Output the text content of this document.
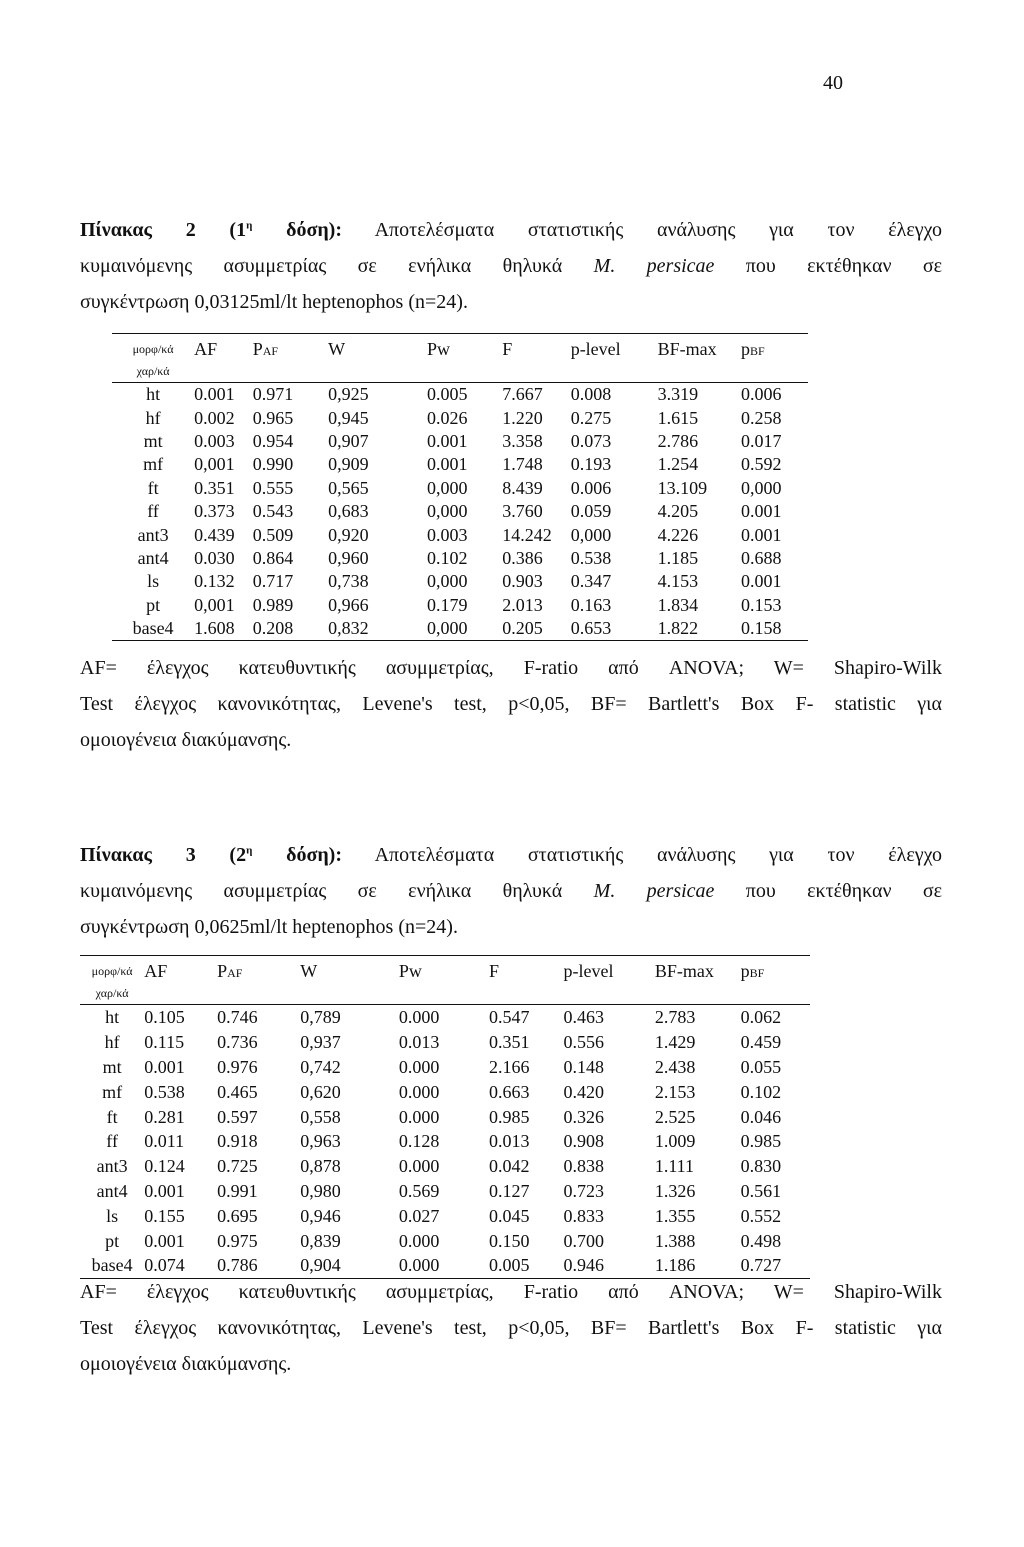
40
Πίνακας 2 ($1^\eta$ δόση): Αποτελέσματα στατιστικής ανάλυσης για τον έλεγχο
κυμαινόμενης ασυμμετρίας σε ενήλικα θηλυκά M. persicae που εκτέθηκαν σε
συγκέντρωση 0,03125ml/lt heptenophos (n=24).
μορφ/κά
χαρ/κά	AF	PAF	W	Pw	F	p-level	BF-max	pBF
ht	0.001	0.971	0,925	0.005	7.667	0.008	3.319	0.006
hf	0.002	0.965	0,945	0.026	1.220	0.275	1.615	0.258
mt	0.003	0.954	0,907	0.001	3.358	0.073	2.786	0.017
mf	0,001	0.990	0,909	0.001	1.748	0.193	1.254	0.592
ft	0.351	0.555	0,565	0,000	8.439	0.006	13.109	0,000
ff	0.373	0.543	0,683	0,000	3.760	0.059	4.205	0.001
ant3	0.439	0.509	0,920	0.003	14.242	0,000	4.226	0.001
ant4	0.030	0.864	0,960	0.102	0.386	0.538	1.185	0.688
ls	0.132	0.717	0,738	0,000	0.903	0.347	4.153	0.001
pt	0,001	0.989	0,966	0.179	2.013	0.163	1.834	0.153
base4	1.608	0.208	0,832	0,000	0.205	0.653	1.822	0.158
AF= έλεγχος κατευθυντικής ασυμμετρίας, F-ratio από ANOVA; W= Shapiro-Wilk
Test έλεγχος κανονικότητας, Levene's test, p<0,05, BF= Bartlett's Box F- statistic για
ομοιογένεια διακύμανσης.
Πίνακας 3 ($2^\eta$ δόση): Αποτελέσματα στατιστικής ανάλυσης για τον έλεγχο
κυμαινόμενης ασυμμετρίας σε ενήλικα θηλυκά M. persicae που εκτέθηκαν σε
συγκέντρωση 0,0625ml/lt heptenophos (n=24).
μορφ/κά
χαρ/κά	AF	PAF	W	Pw	F	p-level	BF-max	pBF
ht	0.105	0.746	0,789	0.000	0.547	0.463	2.783	0.062
hf	0.115	0.736	0,937	0.013	0.351	0.556	1.429	0.459
mt	0.001	0.976	0,742	0.000	2.166	0.148	2.438	0.055
mf	0.538	0.465	0,620	0.000	0.663	0.420	2.153	0.102
ft	0.281	0.597	0,558	0.000	0.985	0.326	2.525	0.046
ff	0.011	0.918	0,963	0.128	0.013	0.908	1.009	0.985
ant3	0.124	0.725	0,878	0.000	0.042	0.838	1.111	0.830
ant4	0.001	0.991	0,980	0.569	0.127	0.723	1.326	0.561
ls	0.155	0.695	0,946	0.027	0.045	0.833	1.355	0.552
pt	0.001	0.975	0,839	0.000	0.150	0.700	1.388	0.498
base4	0.074	0.786	0,904	0.000	0.005	0.946	1.186	0.727
AF= έλεγχος κατευθυντικής ασυμμετρίας, F-ratio από ANOVA; W= Shapiro-Wilk
Test έλεγχος κανονικότητας, Levene's test, p<0,05, BF= Bartlett's Box F- statistic για
ομοιογένεια διακύμανσης.
